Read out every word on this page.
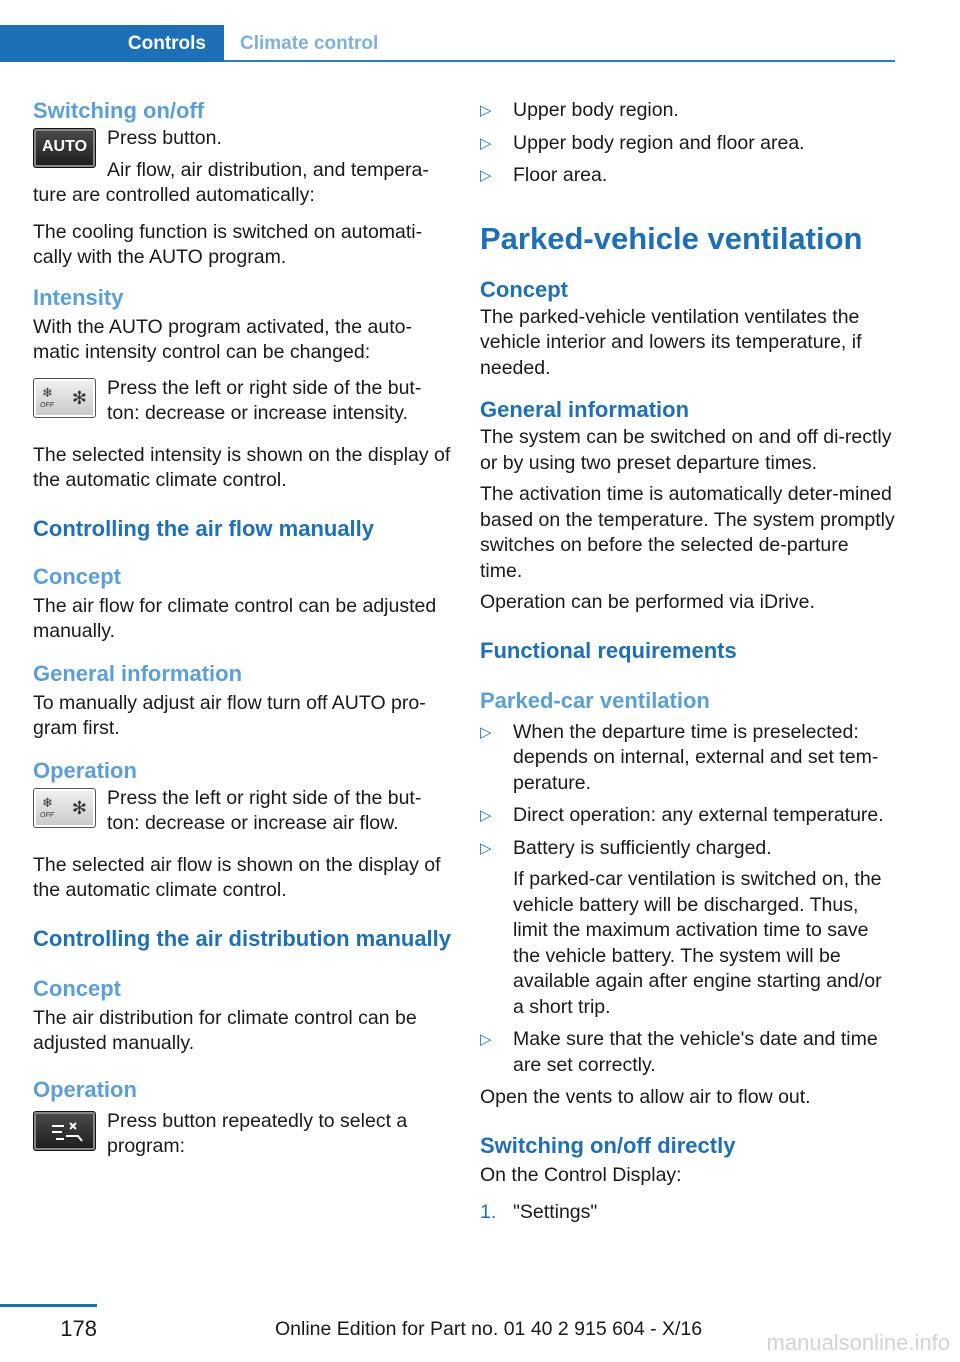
Controls	Climate control
Switching on/off
AUTO	Press button.

Air flow, air distribution, and tempera‐ture are controlled automatically:

The cooling function is switched on automati‐cally with the AUTO program.

Intensity

With the AUTO program activated, the auto‐matic intensity control can be changed:

❄
OFF ✻ Press the left or right side of the but‐ton: decrease or increase intensity.

The selected intensity is shown on the display of the automatic climate control.

Controlling the air flow manually
Concept

The air flow for climate control can be adjusted manually.

General information

To manually adjust air flow turn off AUTO pro‐gram first.

Operation
❄
OFF ✻ Press the left or right side of the but‐ton: decrease or increase air flow.

The selected air flow is shown on the display of the automatic climate control.

Controlling the air distribution manually
Concept

The air distribution for climate control can be adjusted manually.

Operation

Press button repeatedly to select a program:

▷ Upper body region.
▷ Upper body region and floor area.
▷ Floor area.
Parked-vehicle ventilation
Concept

The parked-vehicle ventilation ventilates the vehicle interior and lowers its temperature, if needed.

General information

The system can be switched on and off di‐rectly or by using two preset departure times.

The activation time is automatically deter‐mined based on the temperature. The system promptly switches on before the selected de‐parture time.

Operation can be performed via iDrive.

Functional requirements
Parked-car ventilation
▷ When the departure time is preselected: depends on internal, external and set tem‐perature.
▷ Direct operation: any external temperature.
▷ Battery is sufficiently charged.
If parked-car ventilation is switched on, the vehicle battery will be discharged. Thus, limit the maximum activation time to save the vehicle battery. The system will be available again after engine starting and/or a short trip.
▷ Make sure that the vehicle's date and time are set correctly.

Open the vents to allow air to flow out.

Switching on/off directly

On the Control Display:

1. "Settings"
178	Online Edition for Part no. 01 40 2 915 604 - X/16
manualsonline.info
